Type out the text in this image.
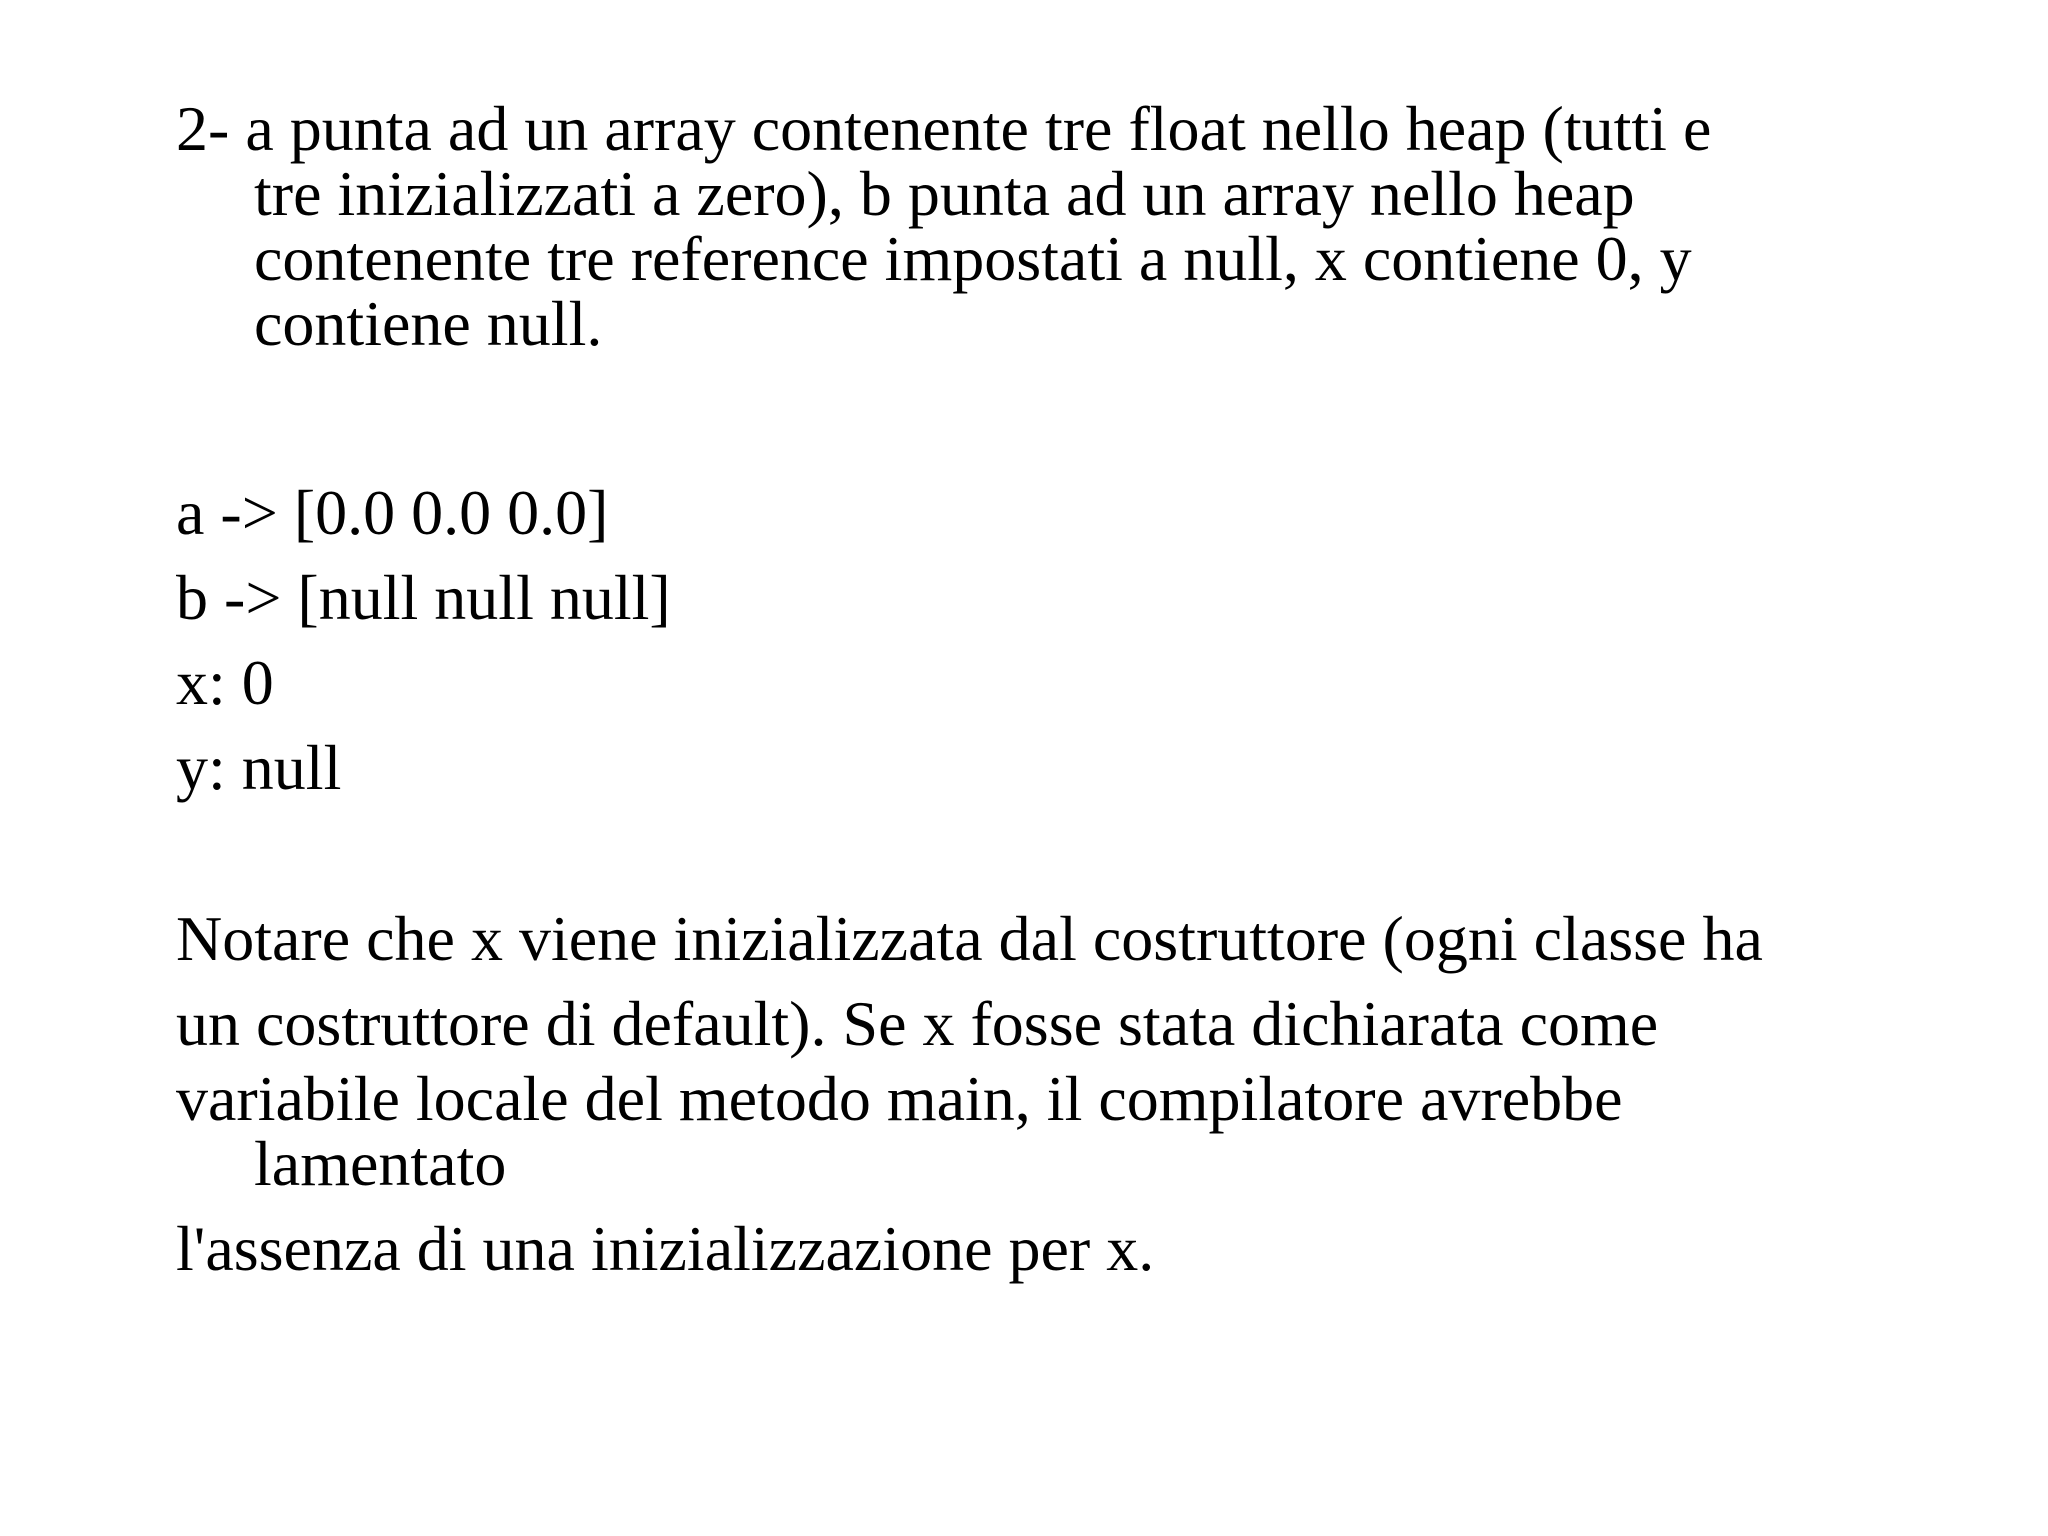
2- a punta ad un array contenente tre float nello heap (tutti e
tre inizializzati a zero), b punta ad un array nello heap
contenente tre reference impostati a null, x contiene 0, y
contiene null.
a -> [0.0 0.0 0.0]
b -> [null null null]
x: 0
y: null
Notare che x viene inizializzata dal costruttore (ogni classe ha
un costruttore di default). Se x fosse stata dichiarata come
variabile locale del metodo main, il compilatore avrebbe
lamentato
l'assenza di una inizializzazione per x.
